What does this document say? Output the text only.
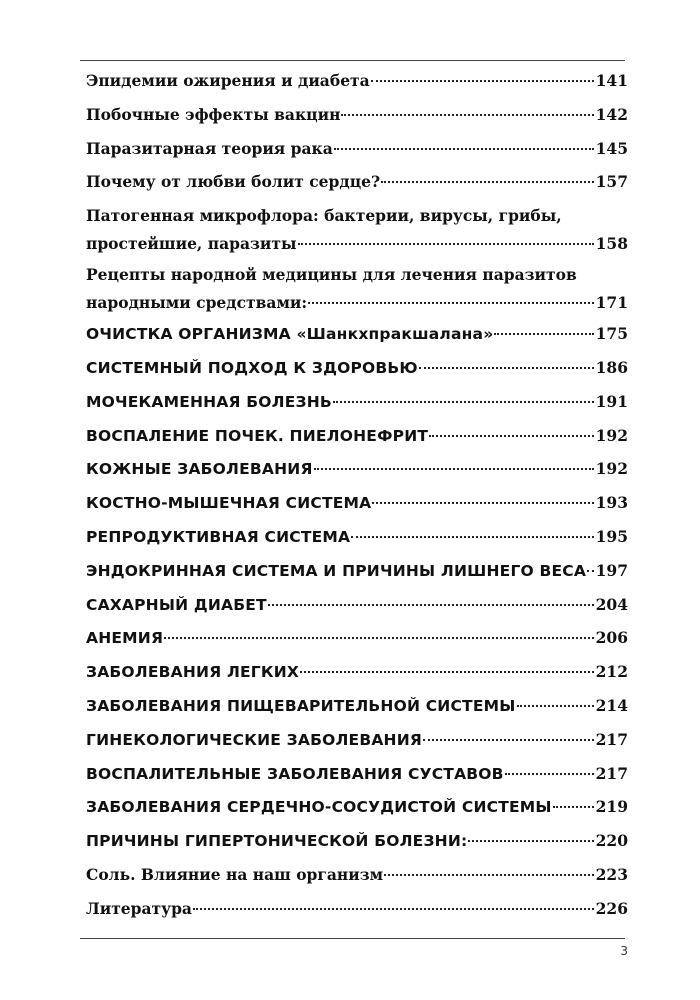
Эпидемии ожирения и диабета	141
Побочные эффекты вакцин	142
Паразитарная теория рака	145
Почему от любви болит сердце?	157
Патогенная микрофлора: бактерии, вирусы, грибы,
простейшие, паразиты	158
Рецепты народной медицины для лечения паразитов
народными средствами:	171
ОЧИСТКА ОРГАНИЗМА «Шанкхпракшалана»	175
СИСТЕМНЫЙ ПОДХОД К ЗДОРОВЬЮ	186
МОЧЕКАМЕННАЯ БОЛЕЗНЬ	191
ВОСПАЛЕНИЕ ПОЧЕК. ПИЕЛОНЕФРИТ	192
КОЖНЫЕ ЗАБОЛЕВАНИЯ	192
КОСТНО-МЫШЕЧНАЯ СИСТЕМА	193
РЕПРОДУКТИВНАЯ СИСТЕМА	195
ЭНДОКРИННАЯ СИСТЕМА И ПРИЧИНЫ ЛИШНЕГО ВЕСА 197
САХАРНЫЙ ДИАБЕТ	204
АНЕМИЯ	206
ЗАБОЛЕВАНИЯ ЛЕГКИХ	212
ЗАБОЛЕВАНИЯ ПИЩЕВАРИТЕЛЬНОЙ СИСТЕМЫ	214
ГИНЕКОЛОГИЧЕСКИЕ ЗАБОЛЕВАНИЯ	217
ВОСПАЛИТЕЛЬНЫЕ ЗАБОЛЕВАНИЯ СУСТАВОВ	217
ЗАБОЛЕВАНИЯ СЕРДЕЧНО-СОСУДИСТОЙ СИСТЕМЫ	219
ПРИЧИНЫ ГИПЕРТОНИЧЕСКОЙ БОЛЕЗНИ:	220
Соль. Влияние на наш организм	223
Литература	226
3
